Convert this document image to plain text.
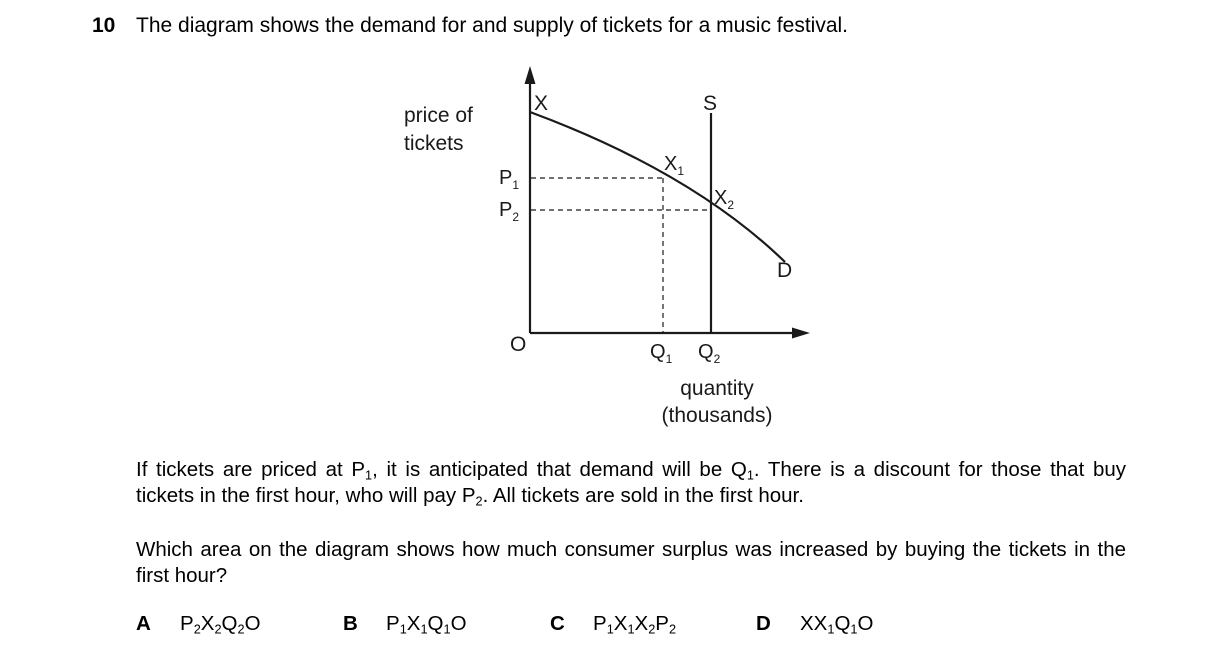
10 The diagram shows the demand for and supply of tickets for a music festival.
price of
tickets
quantity
(thousands)
O
X	S
D
$P_1$
$P_2$
$Q_1$ $Q_2$
$X_1$
$X_2$

If tickets are priced at $P_1$, it is anticipated that demand will be $Q_1$. There is a discount for those that buy tickets in the first hour, who will pay $P_2$. All tickets are sold in the first hour.

Which area on the diagram shows how much consumer surplus was increased by buying the tickets in the first hour?

A $P_2X_2Q_2O$	B $P_1X_1Q_1O$	C $P_1X_1X_2P_2$	D $XX_1Q_1O$
